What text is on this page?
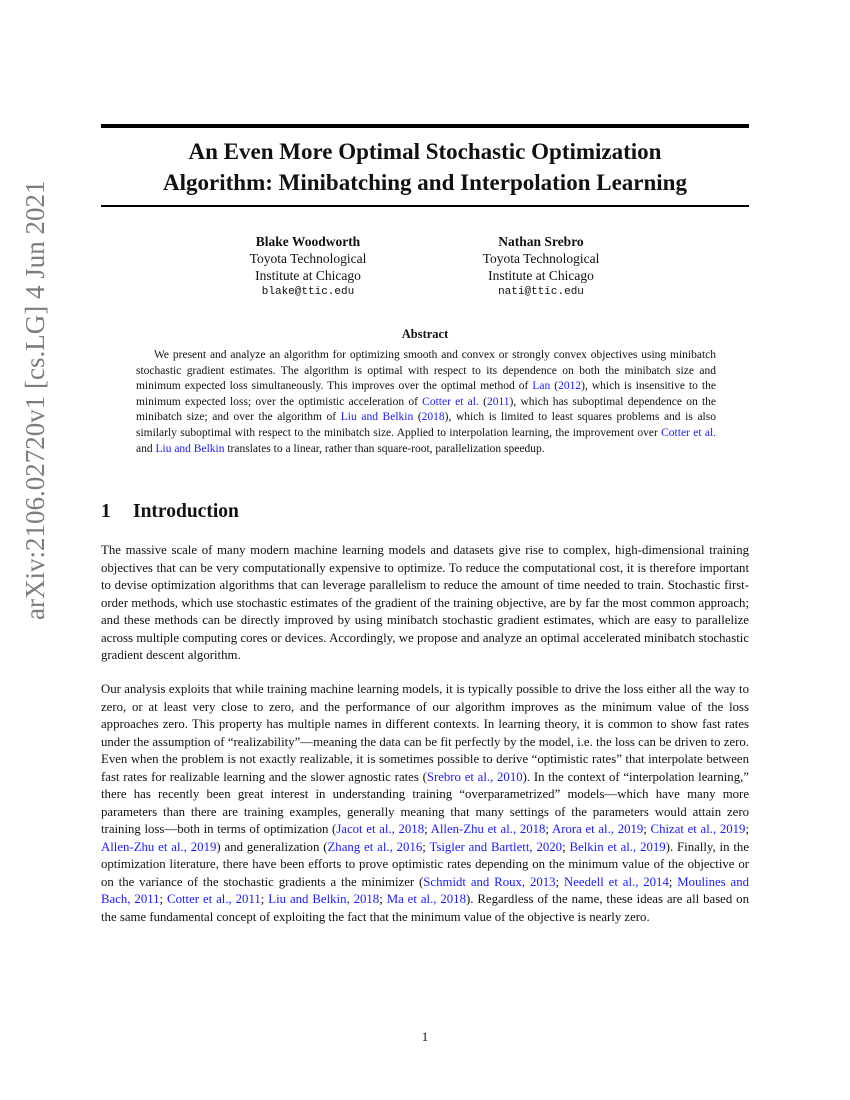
arXiv:2106.02720v1 [cs.LG] 4 Jun 2021
An Even More Optimal Stochastic Optimization
Algorithm: Minibatching and Interpolation Learning
Blake Woodworth
Toyota Technological
Institute at Chicago
blake@ttic.edu
Nathan Srebro
Toyota Technological
Institute at Chicago
nati@ttic.edu
Abstract

We present and analyze an algorithm for optimizing smooth and convex or strongly convex objectives using minibatch stochastic gradient estimates. The algorithm is optimal with respect to its dependence on both the minibatch size and minimum expected loss simultaneously. This improves over the optimal method of Lan (2012), which is insensitive to the minimum expected loss; over the optimistic acceleration of Cotter et al. (2011), which has suboptimal dependence on the minibatch size; and over the algorithm of Liu and Belkin (2018), which is limited to least squares problems and is also similarly suboptimal with respect to the minibatch size. Applied to interpolation learning, the improvement over Cotter et al. and Liu and Belkin translates to a linear, rather than square-root, parallelization speedup.

1 Introduction

The massive scale of many modern machine learning models and datasets give rise to complex, high-dimensional training objectives that can be very computationally expensive to optimize. To reduce the computational cost, it is therefore important to devise optimization algorithms that can leverage parallelism to reduce the amount of time needed to train. Stochastic first-order methods, which use stochastic estimates of the gradient of the training objective, are by far the most common approach; and these methods can be directly improved by using minibatch stochastic gradient estimates, which are easy to parallelize across multiple computing cores or devices. Accordingly, we propose and analyze an optimal accelerated minibatch stochastic gradient descent algorithm.

Our analysis exploits that while training machine learning models, it is typically possible to drive the loss either all the way to zero, or at least very close to zero, and the performance of our algorithm improves as the minimum value of the loss approaches zero. This property has multiple names in different contexts. In learning theory, it is common to show fast rates under the assumption of “realizability”—meaning the data can be fit perfectly by the model, i.e. the loss can be driven to zero. Even when the problem is not exactly realizable, it is sometimes possible to derive “optimistic rates” that interpolate between fast rates for realizable learning and the slower agnostic rates (Srebro et al., 2010). In the context of “interpolation learning,” there has recently been great interest in understanding training “overparametrized” models—which have many more parameters than there are training examples, generally meaning that many settings of the parameters would attain zero training loss—both in terms of optimization (Jacot et al., 2018; Allen-Zhu et al., 2018; Arora et al., 2019; Chizat et al., 2019; Allen-Zhu et al., 2019) and generalization (Zhang et al., 2016; Tsigler and Bartlett, 2020; Belkin et al., 2019). Finally, in the optimization literature, there have been efforts to prove optimistic rates depending on the minimum value of the objective or on the variance of the stochastic gradients a the minimizer (Schmidt and Roux, 2013; Needell et al., 2014; Moulines and Bach, 2011; Cotter et al., 2011; Liu and Belkin, 2018; Ma et al., 2018). Regardless of the name, these ideas are all based on the same fundamental concept of exploiting the fact that the minimum value of the objective is nearly zero.

1
